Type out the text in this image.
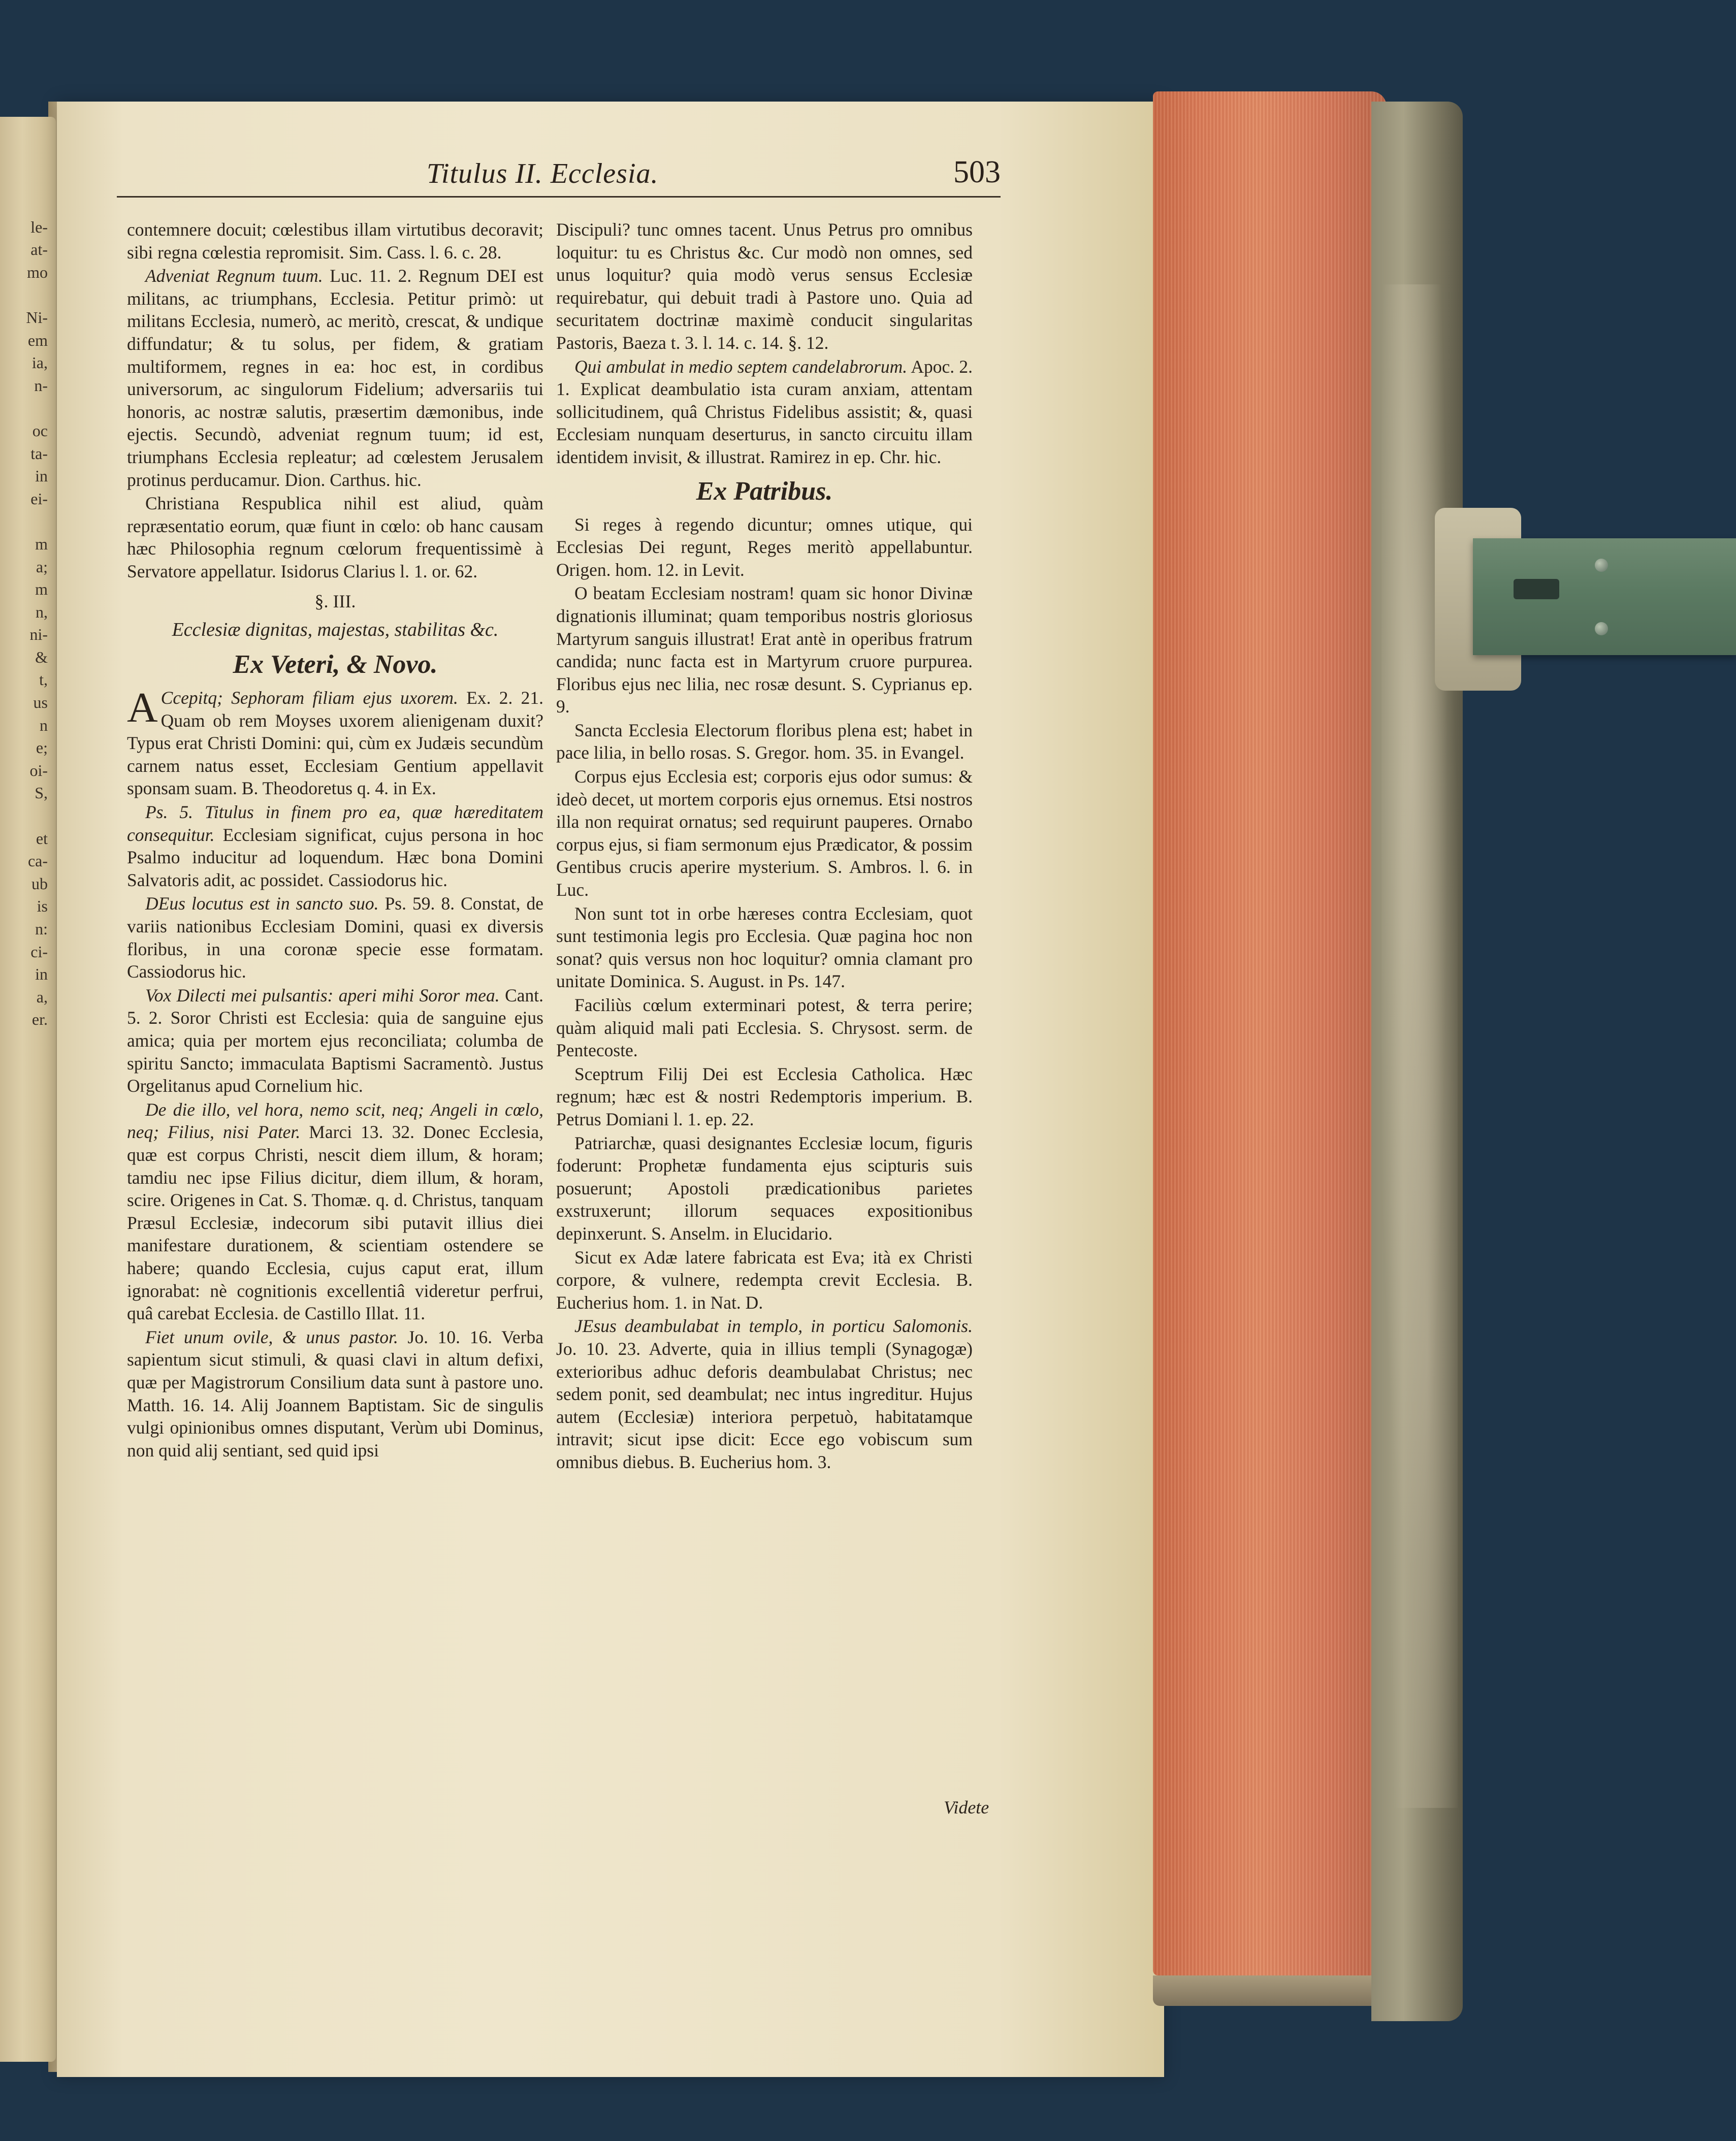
le-
at-
mo
Ni-
em
ia,
n-
oc
ta-
in
ei-
m
a;
m
n,
ni-
&
t,
us
n
e;
oi-
S,
et
ca-
ub
is
n:
ci-
in
a,
er.
Titulus II. Ecclesia.	503

contemnere docuit; cœlestibus illam virtutibus decoravit; sibi regna cœlestia repromisit. Sim. Cass. l. 6. c. 28.

Adveniat Regnum tuum. Luc. 11. 2. Regnum DEI est militans, ac triumphans, Ecclesia. Petitur primò: ut militans Ecclesia, numerò, ac meritò, crescat, & undique diffundatur; & tu solus, per fidem, & gratiam multiformem, regnes in ea: hoc est, in cordibus universorum, ac singulorum Fidelium; adversariis tui honoris, ac nostræ salutis, præsertim dæmonibus, inde ejectis. Secundò, adveniat regnum tuum; id est, triumphans Ecclesia repleatur; ad cœlestem Jerusalem protinus perducamur. Dion. Carthus. hic.

Christiana Respublica nihil est aliud, quàm repræsentatio eorum, quæ fiunt in cœlo: ob hanc causam hæc Philosophia regnum cœlorum frequentissimè à Servatore appellatur. Isidorus Clarius l. 1. or. 62.

§. III.
Ecclesiæ dignitas, majestas, stabilitas &c.
Ex Veteri, & Novo.

A Ccepitq; Sephoram filiam ejus uxorem. Ex. 2. 21. Quam ob rem Moyses uxorem alienigenam duxit? Typus erat Christi Domini: qui, cùm ex Judæis secundùm carnem natus esset, Ecclesiam Gentium appellavit sponsam suam. B. Theodoretus q. 4. in Ex.

Ps. 5. Titulus in finem pro ea, quæ hæreditatem consequitur. Ecclesiam significat, cujus persona in hoc Psalmo inducitur ad loquendum. Hæc bona Domini Salvatoris adit, ac possidet. Cassiodorus hic.

DEus locutus est in sancto suo. Ps. 59. 8. Constat, de variis nationibus Ecclesiam Domini, quasi ex diversis floribus, in una coronæ specie esse formatam. Cassiodorus hic.

Vox Dilecti mei pulsantis: aperi mihi Soror mea. Cant. 5. 2. Soror Christi est Ecclesia: quia de sanguine ejus amica; quia per mortem ejus reconciliata; columba de spiritu Sancto; immaculata Baptismi Sacramentò. Justus Orgelitanus apud Cornelium hic.

De die illo, vel hora, nemo scit, neq; Angeli in cœlo, neq; Filius, nisi Pater. Marci 13. 32. Donec Ecclesia, quæ est corpus Christi, nescit diem illum, & horam; tamdiu nec ipse Filius dicitur, diem illum, & horam, scire. Origenes in Cat. S. Thomæ. q. d. Christus, tanquam Præsul Ecclesiæ, indecorum sibi putavit illius diei manifestare durationem, & scientiam ostendere se habere; quando Ecclesia, cujus caput erat, illum ignorabat: nè cognitionis excellentiâ videretur perfrui, quâ carebat Ecclesia. de Castillo Illat. 11.

Fiet unum ovile, & unus pastor. Jo. 10. 16. Verba sapientum sicut stimuli, & quasi clavi in altum defixi, quæ per Magistrorum Consilium data sunt à pastore uno. Matth. 16. 14. Alij Joannem Baptistam. Sic de singulis vulgi opinionibus omnes disputant, Verùm ubi Dominus, non quid alij sentiant, sed quid ipsi

Discipuli? tunc omnes tacent. Unus Petrus pro omnibus loquitur: tu es Christus &c. Cur modò non omnes, sed unus loquitur? quia modò verus sensus Ecclesiæ requirebatur, qui debuit tradi à Pastore uno. Quia ad securitatem doctrinæ maximè conducit singularitas Pastoris, Baeza t. 3. l. 14. c. 14. §. 12.

Qui ambulat in medio septem candelabrorum. Apoc. 2. 1. Explicat deambulatio ista curam anxiam, attentam sollicitudinem, quâ Christus Fidelibus assistit; &, quasi Ecclesiam nunquam deserturus, in sancto circuitu illam identidem invisit, & illustrat. Ramirez in ep. Chr. hic.

Ex Patribus.

Si reges à regendo dicuntur; omnes utique, qui Ecclesias Dei regunt, Reges meritò appellabuntur. Origen. hom. 12. in Levit.

O beatam Ecclesiam nostram! quam sic honor Divinæ dignationis illuminat; quam temporibus nostris gloriosus Martyrum sanguis illustrat! Erat antè in operibus fratrum candida; nunc facta est in Martyrum cruore purpurea. Floribus ejus nec lilia, nec rosæ desunt. S. Cyprianus ep. 9.

Sancta Ecclesia Electorum floribus plena est; habet in pace lilia, in bello rosas. S. Gregor. hom. 35. in Evangel.

Corpus ejus Ecclesia est; corporis ejus odor sumus: & ideò decet, ut mortem corporis ejus ornemus. Etsi nostros illa non requirat ornatus; sed requirunt pauperes. Ornabo corpus ejus, si fiam sermonum ejus Prædicator, & possim Gentibus crucis aperire mysterium. S. Ambros. l. 6. in Luc.

Non sunt tot in orbe hæreses contra Ecclesiam, quot sunt testimonia legis pro Ecclesia. Quæ pagina hoc non sonat? quis versus non hoc loquitur? omnia clamant pro unitate Dominica. S. August. in Ps. 147.

Faciliùs cœlum exterminari potest, & terra perire; quàm aliquid mali pati Ecclesia. S. Chrysost. serm. de Pentecoste.

Sceptrum Filij Dei est Ecclesia Catholica. Hæc regnum; hæc est & nostri Redemptoris imperium. B. Petrus Domiani l. 1. ep. 22.

Patriarchæ, quasi designantes Ecclesiæ locum, figuris foderunt: Prophetæ fundamenta ejus scipturis suis posuerunt; Apostoli prædicationibus parietes exstruxerunt; illorum sequaces expositionibus depinxerunt. S. Anselm. in Elucidario.

Sicut ex Adæ latere fabricata est Eva; ità ex Christi corpore, & vulnere, redempta crevit Ecclesia. B. Eucherius hom. 1. in Nat. D.

JEsus deambulabat in templo, in porticu Salomonis. Jo. 10. 23. Adverte, quia in illius templi (Synagogæ) exterioribus adhuc deforis deambulabat Christus; nec sedem ponit, sed deambulat; nec intus ingreditur. Hujus autem (Ecclesiæ) interiora perpetuò, habitatamque intravit; sicut ipse dicit: Ecce ego vobiscum sum omnibus diebus. B. Eucherius hom. 3.

Videte
